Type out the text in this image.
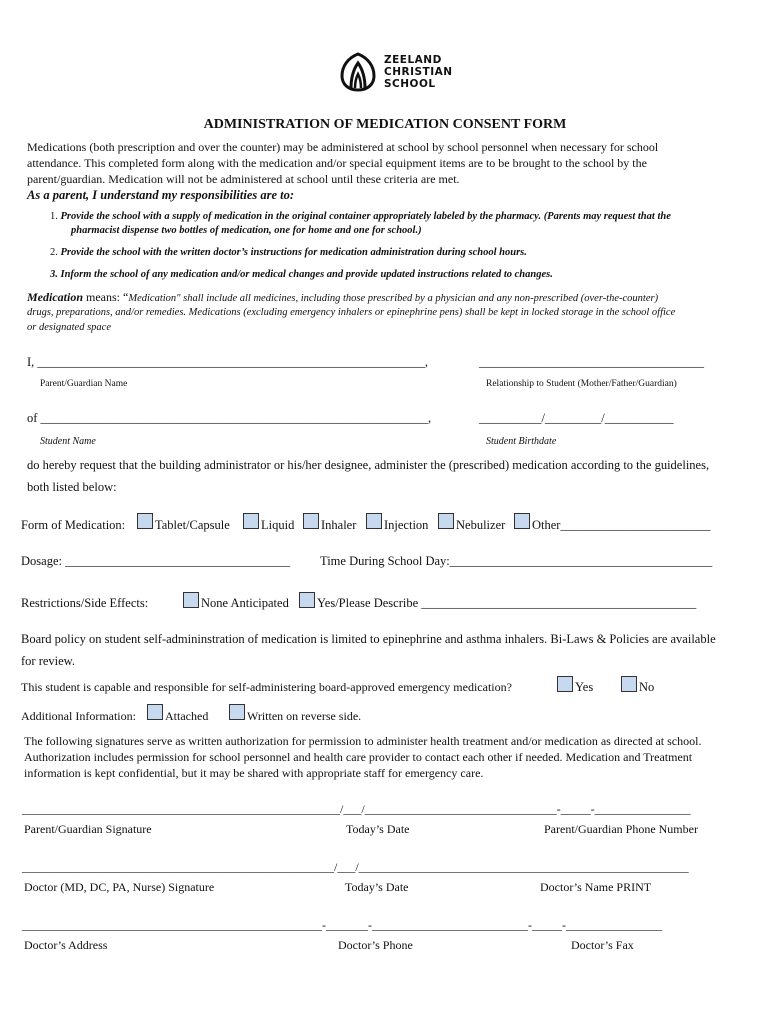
ZEELAND
CHRISTIAN
SCHOOL
ADMINISTRATION OF MEDICATION CONSENT FORM
Medications (both prescription and over the counter) may be administered at school by school personnel when necessary for school
attendance. This completed form along with the medication and/or special equipment items are to be brought to the school by the
parent/guardian. Medication will not be administered at school until these criteria are met.
As a parent, I understand my responsibilities are to:
1. Provide the school with a supply of medication in the original container appropriately labeled by the pharmacy. (Parents may request that the
pharmacist dispense two bottles of medication, one for home and one for school.)
2. Provide the school with the written doctor’s instructions for medication administration during school hours.
3. Inform the school of any medication and/or medical changes and provide updated instructions related to changes.
Medication means: “Medication" shall include all medicines, including those prescribed by a physician and any non-prescribed (over-the-counter)
drugs, preparations, and/or remedies. Medications (excluding emergency inhalers or epinephrine pens) shall be kept in locked storage in the school office
or designated space
I, ______________________________________________________________,	____________________________________
Parent/Guardian Name	Relationship to Student (Mother/Father/Guardian)
of ______________________________________________________________,	__________/_________/___________
Student Name	Student Birthdate
do hereby request that the building administrator or his/her designee, administer the (prescribed) medication according to the guidelines,
both listed below:
Form of Medication: Tablet/Capsule Liquid Inhaler Injection Nebulizer Other________________________
Dosage: ____________________________________ Time During School Day:__________________________________________
Restrictions/Side Effects:	None Anticipated Yes/Please Describe ____________________________________________
Board policy on student self-admininstration of medication is limited to epinephrine and asthma inhalers. Bi-Laws & Policies are available
for review.
This student is capable and responsible for self-administering board-approved emergency medication?	Yes	No
Additional Information: Attached	Written on reverse side.
The following signatures serve as written authorization for permission to administer health treatment and/or medication as directed at school.
Authorization includes permission for school personnel and health care provider to contact each other if needed. Medication and Treatment
information is kept confidential, but it may be shared with appropriate staff for emergency care.
_____________________________________________________/___/________________________________-_____-________________
Parent/Guardian Signature	Today’s Date	Parent/Guardian Phone Number
____________________________________________________/___/_______________________________________________________
Doctor (MD, DC, PA, Nurse) Signature	Today’s Date	Doctor’s Name PRINT
__________________________________________________-_______-__________________________-_____-________________
Doctor’s Address	Doctor’s Phone	Doctor’s Fax
